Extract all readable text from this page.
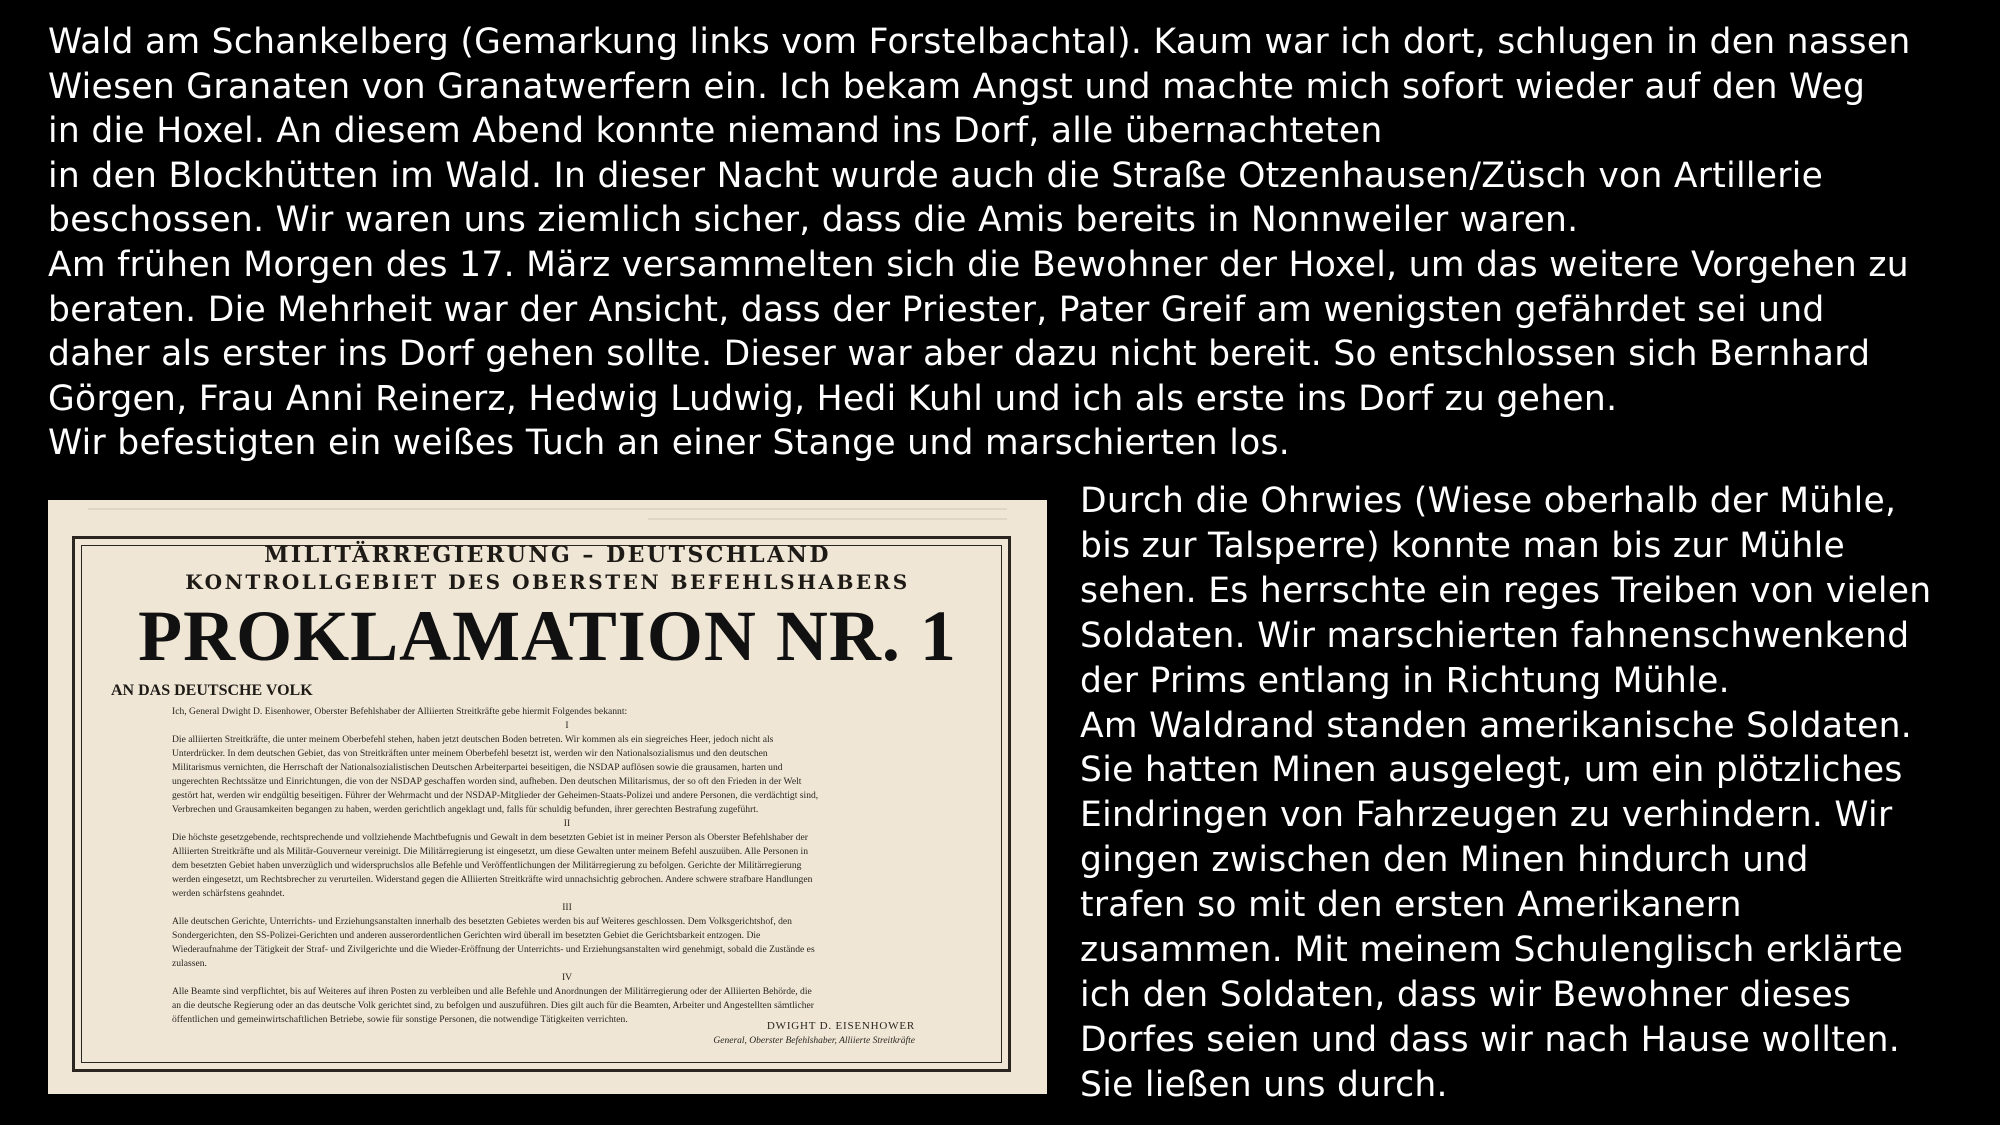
Wald am Schankelberg (Gemarkung links vom Forstelbachtal). Kaum war ich dort, schlugen in den nassen
Wiesen Granaten von Granatwerfern ein. Ich bekam Angst und machte mich sofort wieder auf den Weg
in die Hoxel. An diesem Abend konnte niemand ins Dorf, alle übernachteten
in den Blockhütten im Wald. In dieser Nacht wurde auch die Straße Otzenhausen/Züsch von Artillerie
beschossen. Wir waren uns ziemlich sicher, dass die Amis bereits in Nonnweiler waren.
Am frühen Morgen des 17. März versammelten sich die Bewohner der Hoxel, um das weitere Vorgehen zu
beraten. Die Mehrheit war der Ansicht, dass der Priester, Pater Greif am wenigsten gefährdet sei und
daher als erster ins Dorf gehen sollte. Dieser war aber dazu nicht bereit. So entschlossen sich Bernhard
Görgen, Frau Anni Reinerz, Hedwig Ludwig, Hedi Kuhl und ich als erste ins Dorf zu gehen.
Wir befestigten ein weißes Tuch an einer Stange und marschierten los.
MILITÄRREGIERUNG – DEUTSCHLAND
KONTROLLGEBIET DES OBERSTEN BEFEHLSHABERS
PROKLAMATION NR. 1
AN DAS DEUTSCHE VOLK
Ich, General Dwight D. Eisenhower, Oberster Befehlshaber der Alliierten Streitkräfte gebe hiermit Folgendes bekannt:
I
Die alliierten Streitkräfte, die unter meinem Oberbefehl stehen, haben jetzt deutschen Boden betreten. Wir kommen als ein siegreiches Heer, jedoch nicht als
Unterdrücker. In dem deutschen Gebiet, das von Streitkräften unter meinem Oberbefehl besetzt ist, werden wir den Nationalsozialismus und den deutschen
Militarismus vernichten, die Herrschaft der Nationalsozialistischen Deutschen Arbeiterpartei beseitigen, die NSDAP auflösen sowie die grausamen, harten und
ungerechten Rechtssätze und Einrichtungen, die von der NSDAP geschaffen worden sind, aufheben. Den deutschen Militarismus, der so oft den Frieden in der Welt
gestört hat, werden wir endgültig beseitigen. Führer der Wehrmacht und der NSDAP-Mitglieder der Geheimen-Staats-Polizei und andere Personen, die verdächtigt sind,
Verbrechen und Grausamkeiten begangen zu haben, werden gerichtlich angeklagt und, falls für schuldig befunden, ihrer gerechten Bestrafung zugeführt.
II
Die höchste gesetzgebende, rechtsprechende und vollziehende Machtbefugnis und Gewalt in dem besetzten Gebiet ist in meiner Person als Oberster Befehlshaber der
Alliierten Streitkräfte und als Militär-Gouverneur vereinigt. Die Militärregierung ist eingesetzt, um diese Gewalten unter meinem Befehl auszuüben. Alle Personen in
dem besetzten Gebiet haben unverzüglich und widerspruchslos alle Befehle und Veröffentlichungen der Militärregierung zu befolgen. Gerichte der Militärregierung
werden eingesetzt, um Rechtsbrecher zu verurteilen. Widerstand gegen die Alliierten Streitkräfte wird unnachsichtig gebrochen. Andere schwere strafbare Handlungen
werden schärfstens geahndet.
III
Alle deutschen Gerichte, Unterrichts- und Erziehungsanstalten innerhalb des besetzten Gebietes werden bis auf Weiteres geschlossen. Dem Volksgerichtshof, den
Sondergerichten, den SS-Polizei-Gerichten und anderen ausserordentlichen Gerichten wird überall im besetzten Gebiet die Gerichtsbarkeit entzogen. Die
Wiederaufnahme der Tätigkeit der Straf- und Zivilgerichte und die Wieder-Eröffnung der Unterrichts- und Erziehungsanstalten wird genehmigt, sobald die Zustände es
zulassen.
IV
Alle Beamte sind verpflichtet, bis auf Weiteres auf ihren Posten zu verbleiben und alle Befehle und Anordnungen der Militärregierung oder der Alliierten Behörde, die
an die deutsche Regierung oder an das deutsche Volk gerichtet sind, zu befolgen und auszuführen. Dies gilt auch für die Beamten, Arbeiter und Angestellten sämtlicher
öffentlichen und gemeinwirtschaftlichen Betriebe, sowie für sonstige Personen, die notwendige Tätigkeiten verrichten.
DWIGHT D. EISENHOWER
General, Oberster Befehlshaber, Alliierte Streitkräfte
Durch die Ohrwies (Wiese oberhalb der Mühle,
bis zur Talsperre) konnte man bis zur Mühle
sehen. Es herrschte ein reges Treiben von vielen
Soldaten. Wir marschierten fahnenschwenkend
der Prims entlang in Richtung Mühle.
Am Waldrand standen amerikanische Soldaten.
Sie hatten Minen ausgelegt, um ein plötzliches
Eindringen von Fahrzeugen zu verhindern. Wir
gingen zwischen den Minen hindurch und
trafen so mit den ersten Amerikanern
zusammen. Mit meinem Schulenglisch erklärte
ich den Soldaten, dass wir Bewohner dieses
Dorfes seien und dass wir nach Hause wollten.
Sie ließen uns durch.
